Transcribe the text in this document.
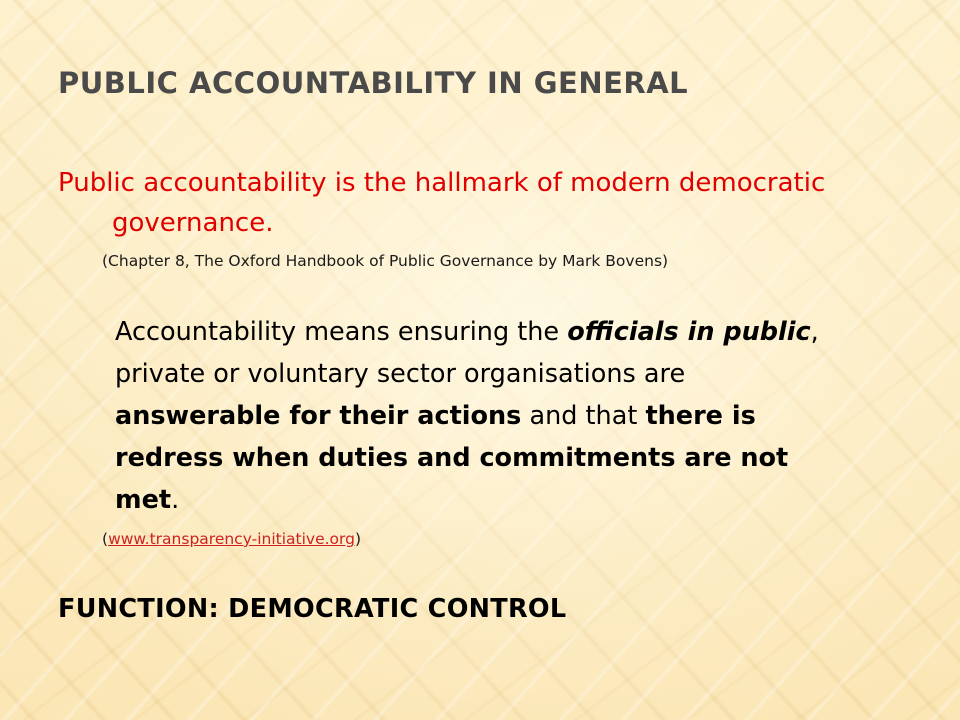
PUBLIC ACCOUNTABILITY IN GENERAL

Public accountability is the hallmark of modern democratic governance.

(Chapter 8, The Oxford Handbook of Public Governance by Mark Bovens)

Accountability means ensuring the officials in public, private or voluntary sector organisations are answerable for their actions and that there is redress when duties and commitments are not met.

(www.transparency-initiative.org)

FUNCTION: DEMOCRATIC CONTROL
